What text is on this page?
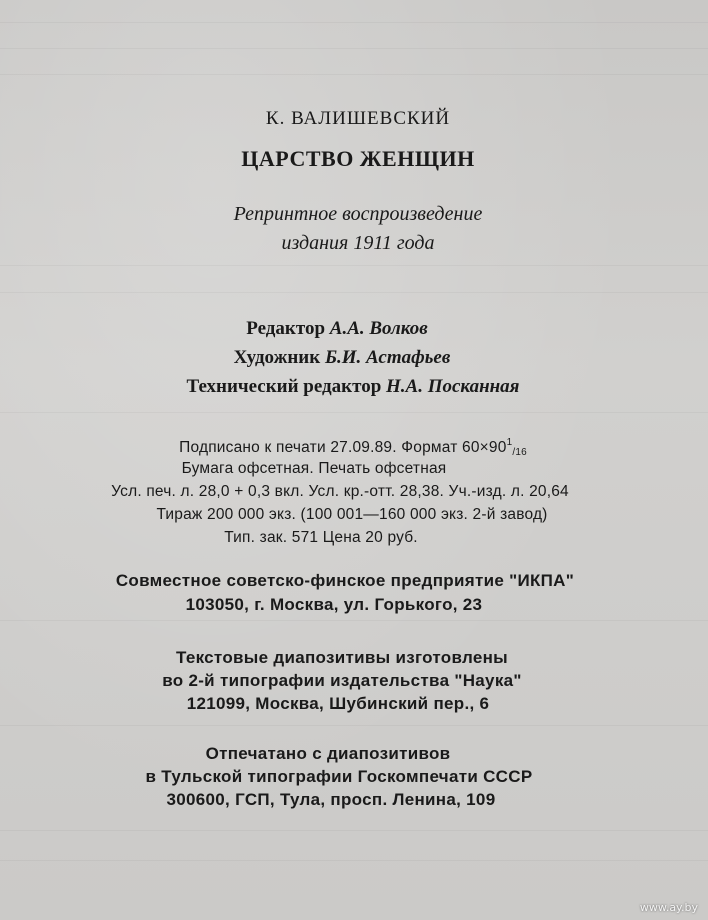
К. ВАЛИШЕВСКИЙ
ЦАРСТВО ЖЕНЩИН
Репринтное воспроизведение
издания 1911 года
Редактор А.А. Волков
Художник Б.И. Астафьев
Технический редактор Н.А. Посканная
Подписано к печати 27.09.89. Формат $60\times 90^1_{/16}$
Бумага офсетная. Печать офсетная
Усл. печ. л. 28,0 + 0,3 вкл. Усл. кр.-отт. 28,38. Уч.-изд. л. 20,64
Тираж 200 000 экз. (100 001—160 000 экз. 2-й завод)
Тип. зак. 571 Цена 20 руб.
Совместное советско-финское предприятие "ИКПА"
103050, г. Москва, ул. Горького, 23
Текстовые диапозитивы изготовлены
во 2-й типографии издательства "Наука"
121099, Москва, Шубинский пер., 6
Отпечатано с диапозитивов
в Тульской типографии Госкомпечати СССР
300600, ГСП, Тула, просп. Ленина, 109
www.ay.by
